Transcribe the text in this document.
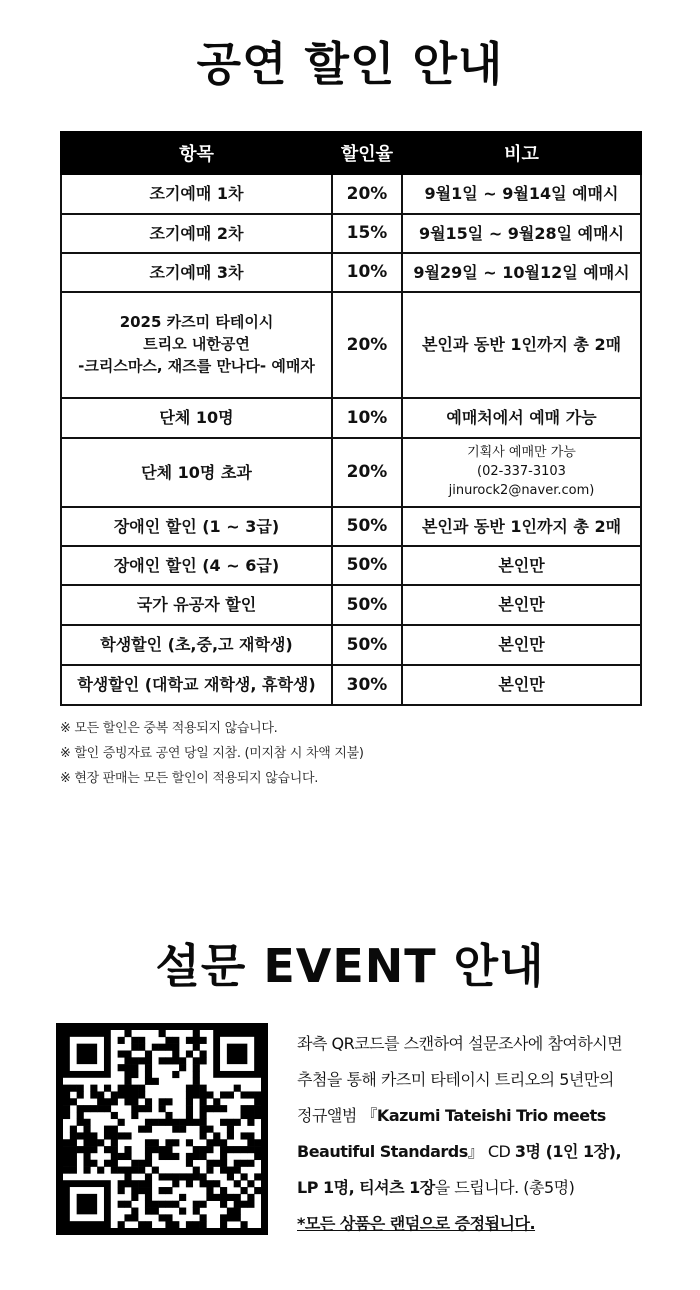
공연 할인 안내
항목	할인율	비고
조기예매 1차	20%	9월1일 ~ 9월14일 예매시
조기예매 2차	15%	9월15일 ~ 9월28일 예매시
조기예매 3차	10%	9월29일 ~ 10월12일 예매시

2025 카즈미 타테이시
트리오 내한공연
-크리스마스, 재즈를 만나다- 예매자	20%	본인과 동반 1인까지 총 2매
단체 10명	10%	예매처에서 예매 가능
단체 10명 초과	20%	기획사 예매만 가능
(02-337-3103
jinurock2@naver.com)

장애인 할인 (1 ~ 3급)	50%	본인과 동반 1인까지 총 2매
장애인 할인 (4 ~ 6급)	50%	본인만
국가 유공자 할인	50%	본인만
학생할인 (초,중,고 재학생)	50%	본인만
학생할인 (대학교 재학생, 휴학생)	30%	본인만
※ 모든 할인은 중복 적용되지 않습니다.
※ 할인 증빙자료 공연 당일 지참. (미지참 시 차액 지불)
※ 현장 판매는 모든 할인이 적용되지 않습니다.
설문 EVENT 안내
좌측 QR코드를 스캔하여 설문조사에 참여하시면
추첨을 통해 카즈미 타테이시 트리오의 5년만의
정규앨범 『Kazumi Tateishi Trio meets
Beautiful Standards』 CD 3명 (1인 1장),
LP 1명, 티셔츠 1장을 드립니다. (총5명)
*모든 상품은 랜덤으로 증정됩니다.
